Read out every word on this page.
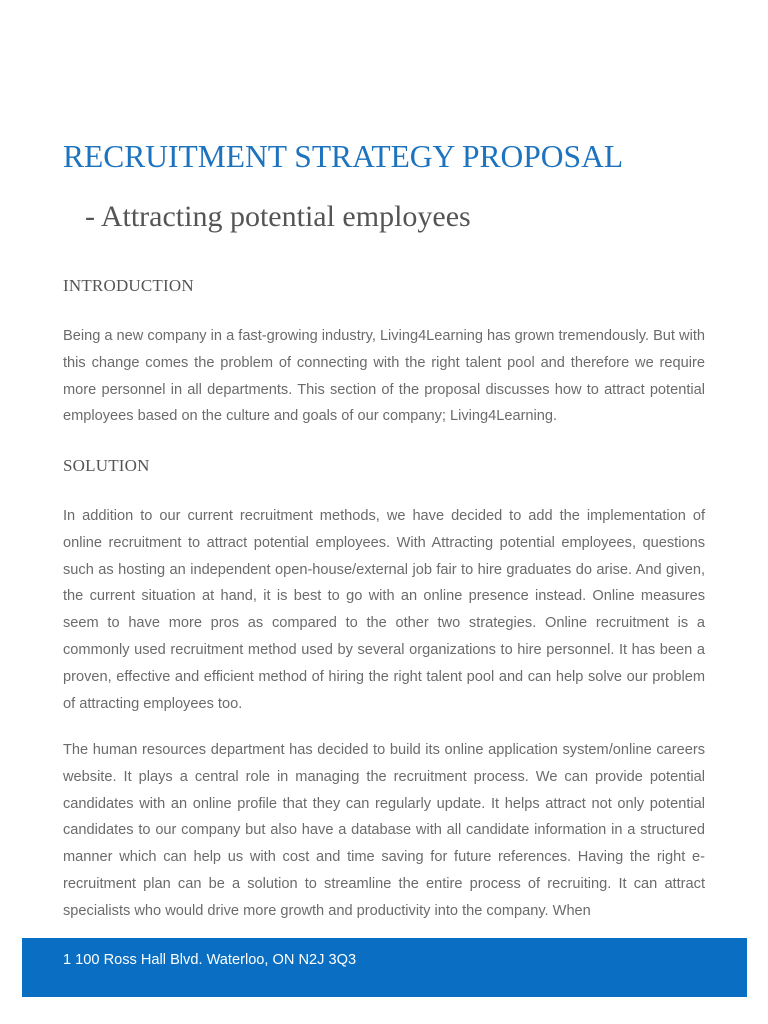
RECRUITMENT STRATEGY PROPOSAL
- Attracting potential employees
INTRODUCTION

Being a new company in a fast-growing industry, Living4Learning has grown tremendously. But with this change comes the problem of connecting with the right talent pool and therefore we require more personnel in all departments. This section of the proposal discusses how to attract potential employees based on the culture and goals of our company; Living4Learning.

SOLUTION

In addition to our current recruitment methods, we have decided to add the implementation of online recruitment to attract potential employees. With Attracting potential employees, questions such as hosting an independent open-house/external job fair to hire graduates do arise. And given, the current situation at hand, it is best to go with an online presence instead. Online measures seem to have more pros as compared to the other two strategies. Online recruitment is a commonly used recruitment method used by several organizations to hire personnel. It has been a proven, effective and efficient method of hiring the right talent pool and can help solve our problem of attracting employees too.

The human resources department has decided to build its online application system/online careers website. It plays a central role in managing the recruitment process. We can provide potential candidates with an online profile that they can regularly update. It helps attract not only potential candidates to our company but also have a database with all candidate information in a structured manner which can help us with cost and time saving for future references. Having the right e-recruitment plan can be a solution to streamline the entire process of recruiting. It can attract specialists who would drive more growth and productivity into the company. When

1 100 Ross Hall Blvd. Waterloo, ON N2J 3Q3
